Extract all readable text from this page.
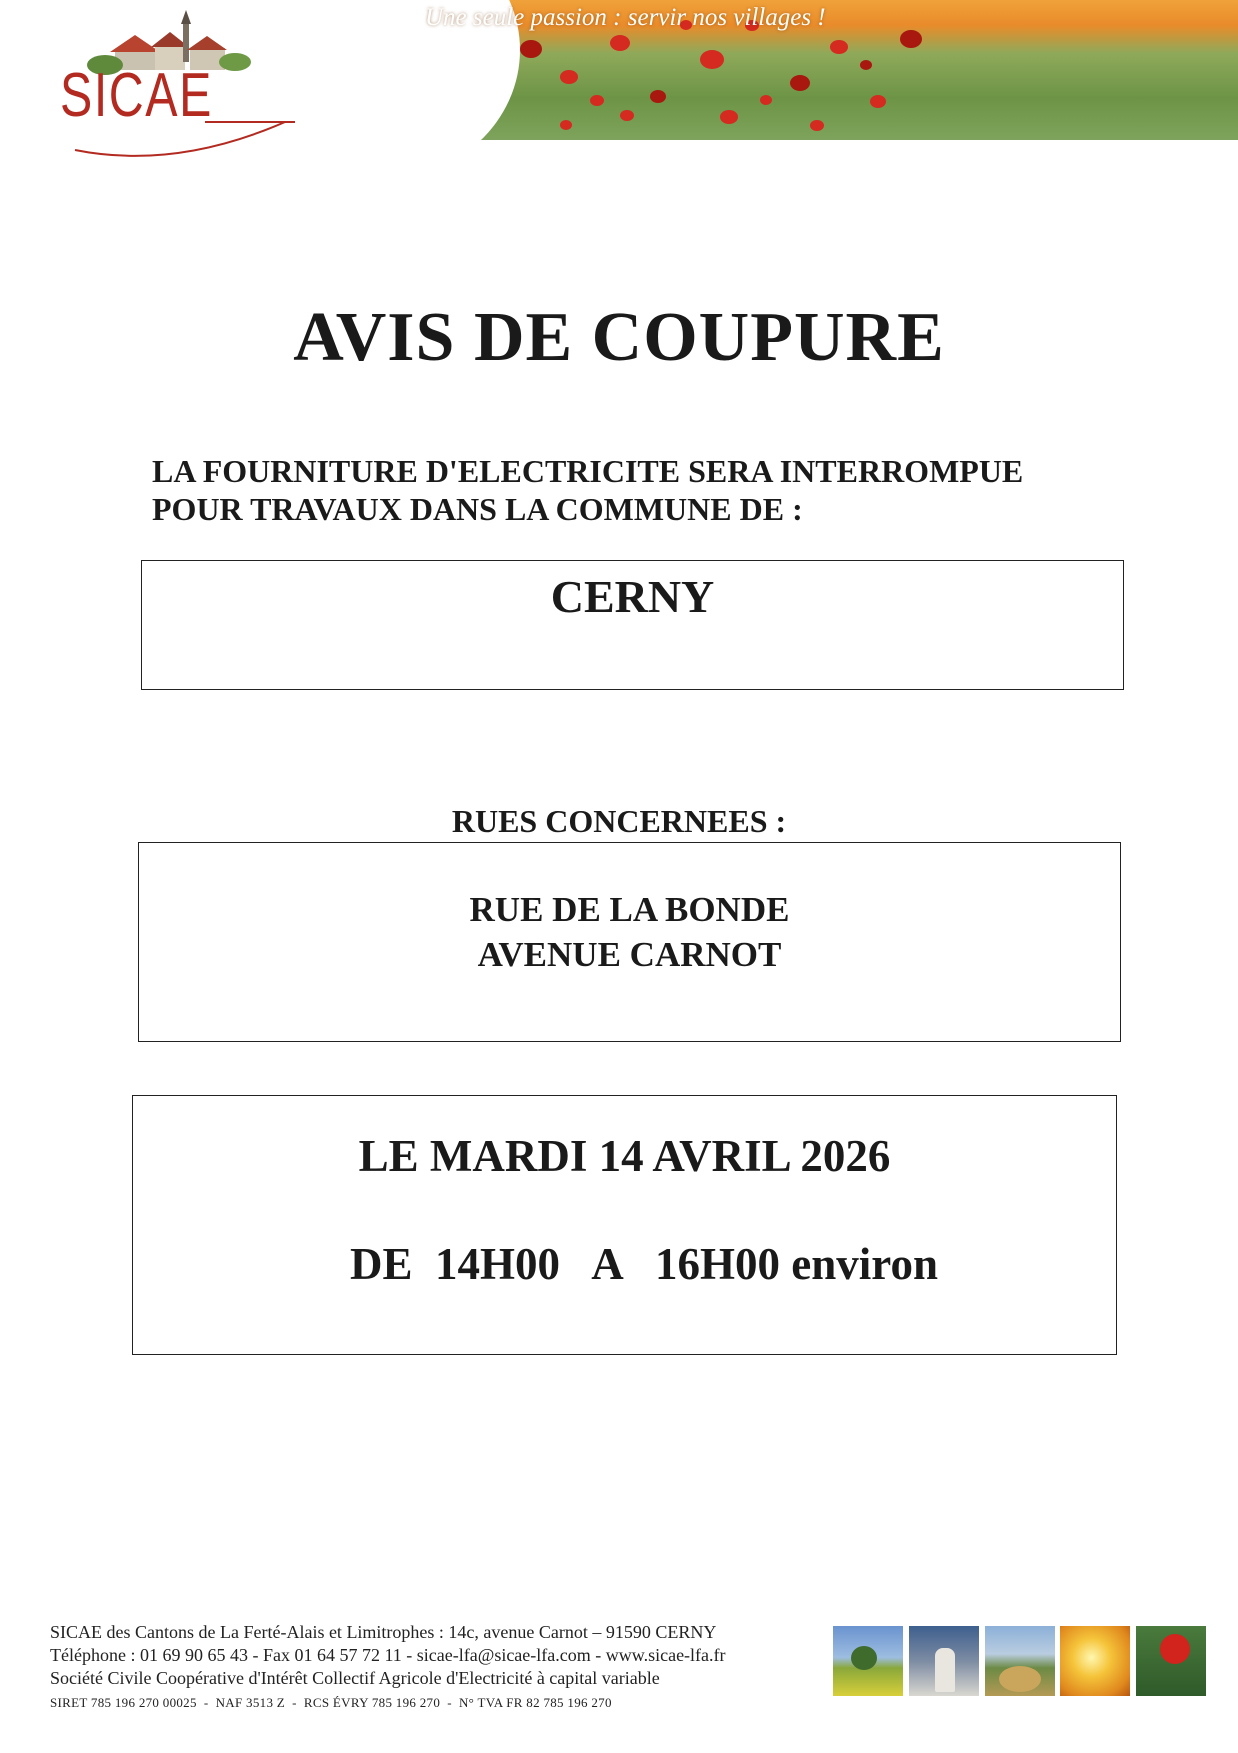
Une seule passion : servir nos villages !
SICAE
AVIS DE COUPURE
LA FOURNITURE D'ELECTRICITE SERA INTERROMPUE
POUR TRAVAUX DANS LA COMMUNE DE :
CERNY
RUES CONCERNEES :
RUE DE LA BONDE
AVENUE CARNOT
LE MARDI 14 AVRIL 2026
DE  14H00   A   16H00 environ
SICAE des Cantons de La Ferté-Alais et Limitrophes : 14c, avenue Carnot – 91590 CERNY
Téléphone : 01 69 90 65 43 - Fax 01 64 57 72 11 - sicae-lfa@sicae-lfa.com - www.sicae-lfa.fr
Société Civile Coopérative d'Intérêt Collectif Agricole d'Electricité à capital variable
SIRET 785 196 270 00025  -  NAF 3513 Z  -  RCS ÉVRY 785 196 270  -  N° TVA FR 82 785 196 270
